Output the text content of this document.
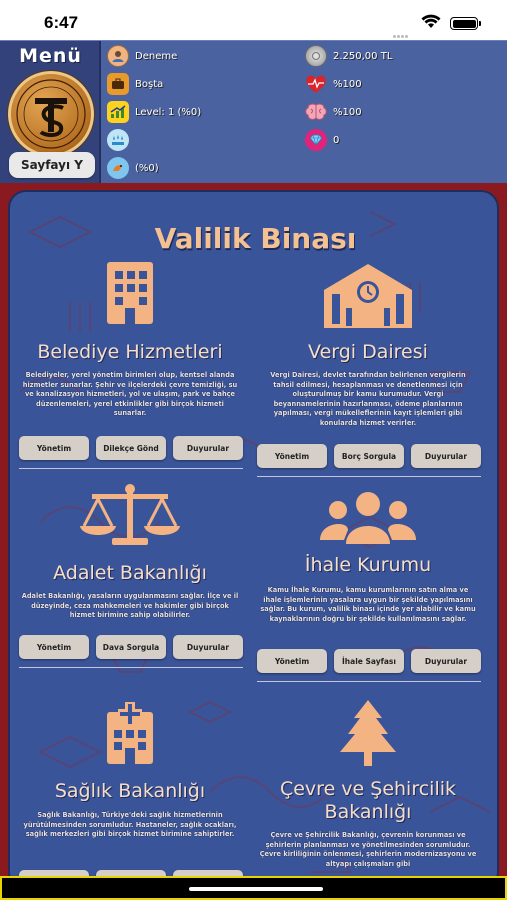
6:47
Menü
Sayfayı Y
Deneme
Boşta
Level: 1 (%0)
(%0)
2.250,00 TL
%100
%100
0
Valilik Binası
Belediye Hizmetleri
Belediyeler, yerel yönetim birimleri olup, kentsel alanda hizmetler sunarlar. Şehir ve ilçelerdeki çevre temizliği, su ve kanalizasyon hizmetleri, yol ve ulaşım, park ve bahçe düzenlemeleri, yerel etkinlikler gibi birçok hizmeti sunarlar.
Yönetim	Dilekçe Gönd	Duyurular
Vergi Dairesi
Vergi Dairesi, devlet tarafından belirlenen vergilerin tahsil edilmesi, hesaplanması ve denetlenmesi için oluşturulmuş bir kamu kurumudur. Vergi beyannamelerinin hazırlanması, ödeme planlarının yapılması, vergi mükelleflerinin kayıt işlemleri gibi konularda hizmet verirler.
Yönetim	Borç Sorgula	Duyurular
Adalet Bakanlığı
Adalet Bakanlığı, yasaların uygulanmasını sağlar. İlçe ve il düzeyinde, ceza mahkemeleri ve hakimler gibi birçok hizmet birimine sahip olabilirler.
Yönetim	Dava Sorgula	Duyurular
İhale Kurumu
Kamu İhale Kurumu, kamu kurumlarının satın alma ve ihale işlemlerinin yasalara uygun bir şekilde yapılmasını sağlar. Bu kurum, valilik binası içinde yer alabilir ve kamu kaynaklarının doğru bir şekilde kullanılmasını sağlar.
Yönetim	İhale Sayfası	Duyurular
Sağlık Bakanlığı
Sağlık Bakanlığı, Türkiye'deki sağlık hizmetlerinin yürütülmesinden sorumludur. Hastaneler, sağlık ocakları, sağlık merkezleri gibi birçok hizmet birimine sahiptirler.
Çevre ve Şehircilik Bakanlığı
Çevre ve Şehircilik Bakanlığı, çevrenin korunması ve şehirlerin planlanması ve yönetilmesinden sorumludur. Çevre kirliliğinin önlenmesi, şehirlerin modernizasyonu ve altyapı çalışmaları gibi
